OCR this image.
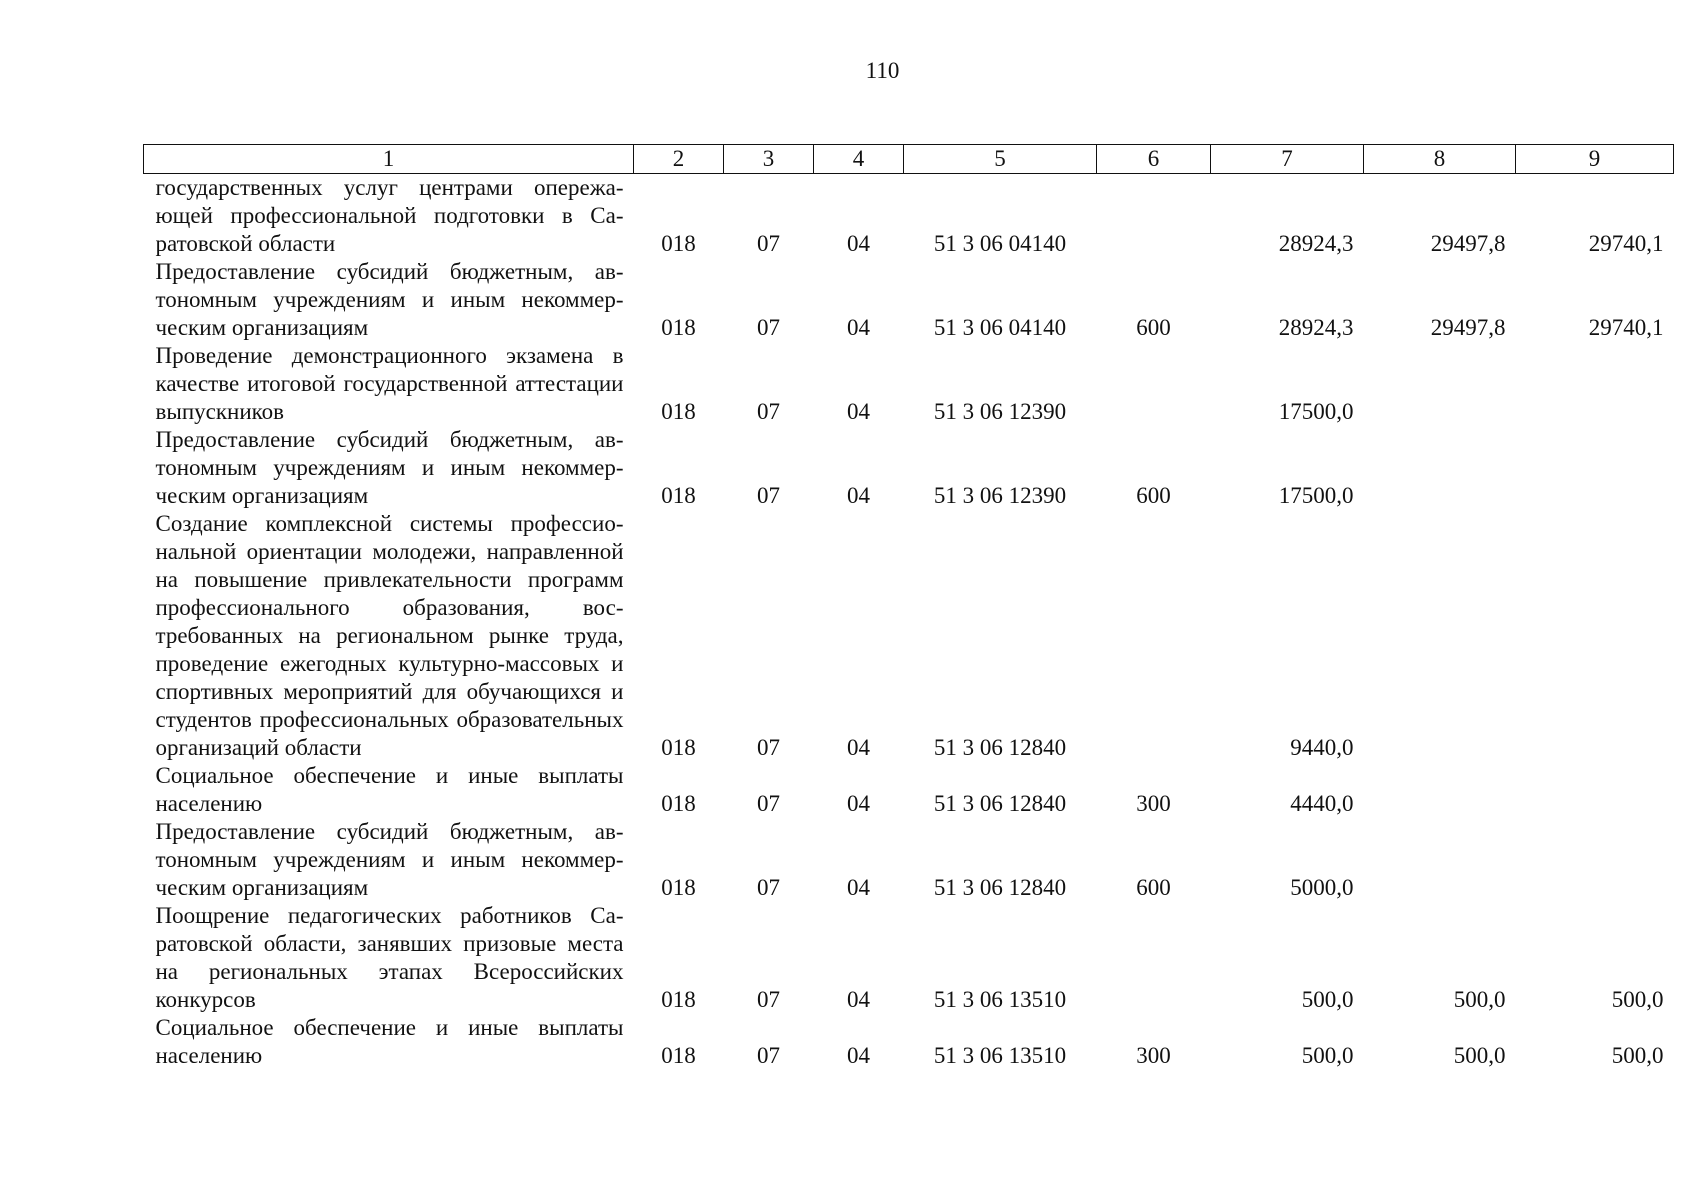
110
1	2	3	4	5	6	7	8	9
государственных услуг центрами опережающей профессиональной подготовки в Саратовской области	018	07	04	51 3 06 04140		28924,3	29497,8	29740,1
Предоставление субсидий бюджетным, автономным учреждениям и иным некоммерческим организациям	018	07	04	51 3 06 04140	600	28924,3	29497,8	29740,1
Проведение демонстрационного экзамена в качестве итоговой государственной аттестации выпускников	018	07	04	51 3 06 12390		17500,0		
Предоставление субсидий бюджетным, автономным учреждениям и иным некоммерческим организациям	018	07	04	51 3 06 12390	600	17500,0		
Создание комплексной системы профессиональной ориентации молодежи, направленной на повышение привлекательности программ профессионального образования, востребованных на региональном рынке труда, проведение ежегодных культурно-массовых и спортивных мероприятий для обучающихся и студентов профессиональных образовательных организаций области	018	07	04	51 3 06 12840		9440,0		
Социальное обеспечение и иные выплаты населению	018	07	04	51 3 06 12840	300	4440,0		
Предоставление субсидий бюджетным, автономным учреждениям и иным некоммерческим организациям	018	07	04	51 3 06 12840	600	5000,0		
Поощрение педагогических работников Саратовской области, занявших призовые места на региональных этапах Всероссийских конкурсов	018	07	04	51 3 06 13510		500,0	500,0	500,0
Социальное обеспечение и иные выплаты населению	018	07	04	51 3 06 13510	300	500,0	500,0	500,0
